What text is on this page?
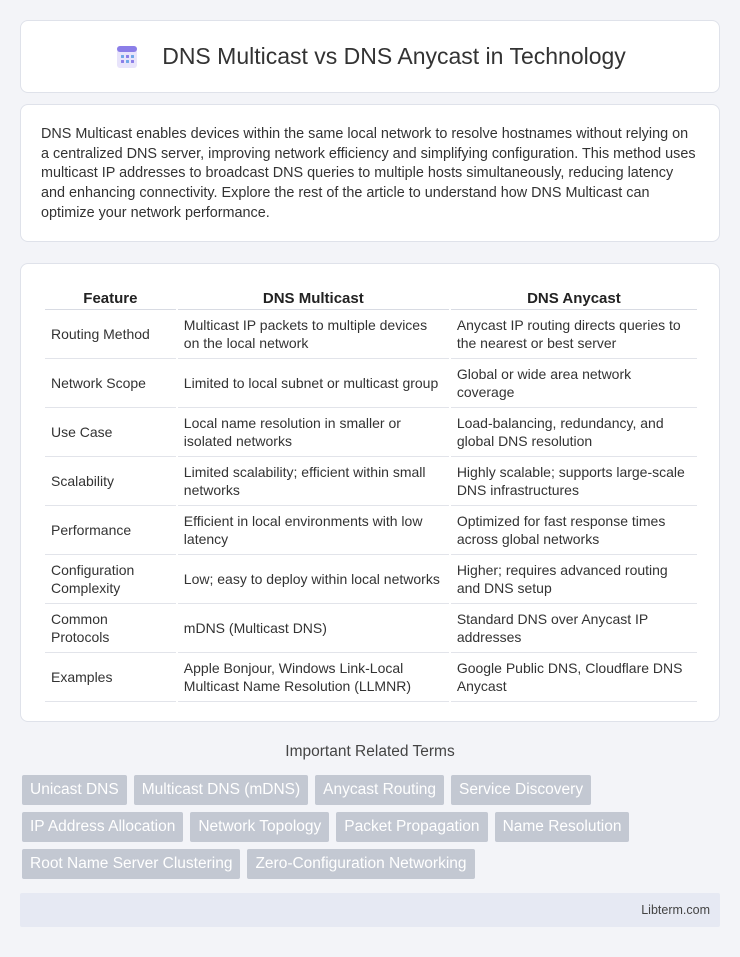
DNS Multicast vs DNS Anycast in Technology

DNS Multicast enables devices within the same local network to resolve hostnames without relying on a centralized DNS server, improving network efficiency and simplifying configuration. This method uses multicast IP addresses to broadcast DNS queries to multiple hosts simultaneously, reducing latency and enhancing connectivity. Explore the rest of the article to understand how DNS Multicast can optimize your network performance.

Feature	DNS Multicast	DNS Anycast
Routing Method	Multicast IP packets to multiple devices on the local network	Anycast IP routing directs queries to the nearest or best server
Network Scope	Limited to local subnet or multicast group	Global or wide area network coverage
Use Case	Local name resolution in smaller or isolated networks	Load-balancing, redundancy, and global DNS resolution
Scalability	Limited scalability; efficient within small networks	Highly scalable; supports large-scale DNS infrastructures
Performance	Efficient in local environments with low latency	Optimized for fast response times across global networks
Configuration Complexity	Low; easy to deploy within local networks	Higher; requires advanced routing and DNS setup
Common Protocols	mDNS (Multicast DNS)	Standard DNS over Anycast IP addresses
Examples	Apple Bonjour, Windows Link-Local Multicast Name Resolution (LLMNR)	Google Public DNS, Cloudflare DNS Anycast
Important Related Terms
Unicast DNS	Multicast DNS (mDNS)	Anycast Routing	Service Discovery
IP Address Allocation	Network Topology	Packet Propagation	Name Resolution
Root Name Server Clustering	Zero-Configuration Networking
Libterm.com
